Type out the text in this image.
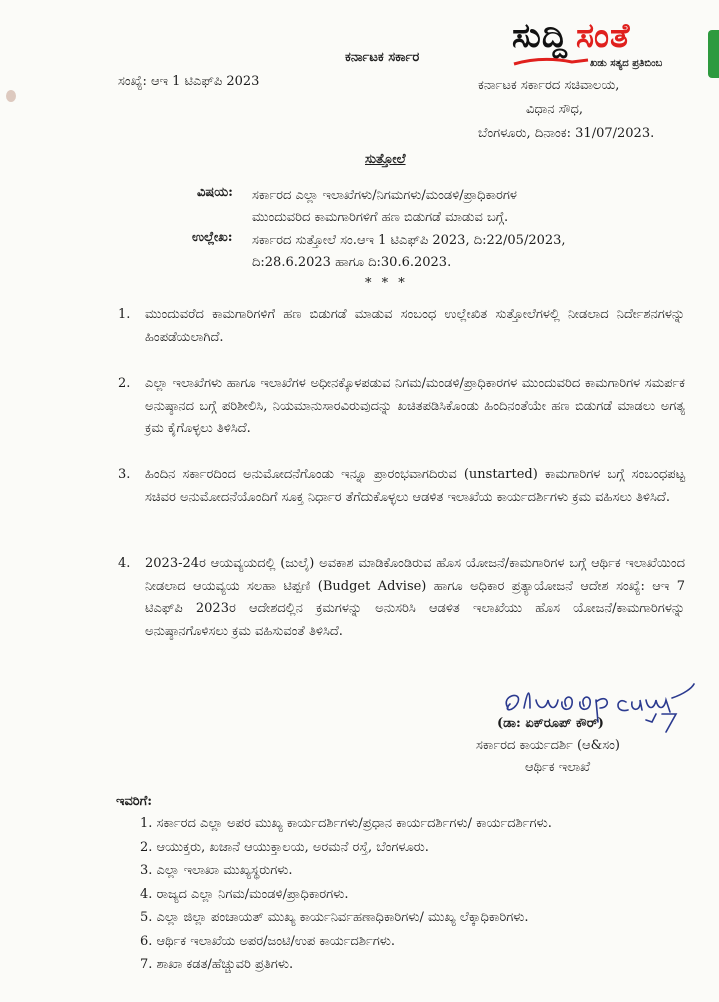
ಸುದ್ದಿ ಸಂತೆ
ಖಡು ಸತ್ಯದ ಪ್ರತಿಬಿಂಬ
ಕರ್ನಾಟಕ ಸರ್ಕಾರ
ಸಂಖ್ಯೆ: ಆಇ 1 ಟಿಎಫ್‌ಪಿ 2023	ಕರ್ನಾಟಕ ಸರ್ಕಾರದ ಸಚಿವಾಲಯ,
ವಿಧಾನ ಸೌಧ,
ಬೆಂಗಳೂರು, ದಿನಾಂಕ: 31/07/2023.
ಸುತ್ತೋಲೆ
ವಿಷಯ: ಸರ್ಕಾರದ ಎಲ್ಲಾ ಇಲಾಖೆಗಳು/ನಿಗಮಗಳು/ಮಂಡಳಿ/ಪ್ರಾಧಿಕಾರಗಳ
ಮುಂದುವರಿದ ಕಾಮಗಾರಿಗಳಿಗೆ ಹಣ ಬಿಡುಗಡೆ ಮಾಡುವ ಬಗ್ಗೆ.
ಉಲ್ಲೇಖ: ಸರ್ಕಾರದ ಸುತ್ತೋಲೆ ಸಂ.ಆಇ 1 ಟಿಎಫ್‌ಪಿ 2023, ದಿ:22/05/2023,
ದಿ:28.6.2023 ಹಾಗೂ ದಿ:30.6.2023.
* * *
1. ಮುಂದುವರೆದ ಕಾಮಗಾರಿಗಳಿಗೆ ಹಣ ಬಿಡುಗಡೆ ಮಾಡುವ ಸಂಬಂಧ ಉಲ್ಲೇಖಿತ ಸುತ್ತೋಲೆಗಳಲ್ಲಿ ನೀಡಲಾದ ನಿರ್ದೇಶನಗಳನ್ನು ಹಿಂಪಡೆಯಲಾಗಿದೆ.
2. ಎಲ್ಲಾ ಇಲಾಖೆಗಳು ಹಾಗೂ ಇಲಾಖೆಗಳ ಅಧೀನಕ್ಕೊಳಪಡುವ ನಿಗಮ/ಮಂಡಳಿ/ಪ್ರಾಧಿಕಾರಗಳ ಮುಂದುವರಿದ ಕಾಮಗಾರಿಗಳ ಸಮರ್ಪಕ ಅನುಷ್ಠಾನದ ಬಗ್ಗೆ ಪರಿಶೀಲಿಸಿ, ನಿಯಮಾನುಸಾರವಿರುವುದನ್ನು ಖಚಿತಪಡಿಸಿಕೊಂಡು ಹಿಂದಿನಂತೆಯೇ ಹಣ ಬಿಡುಗಡೆ ಮಾಡಲು ಅಗತ್ಯ ಕ್ರಮ ಕೈಗೊಳ್ಳಲು ತಿಳಿಸಿದೆ.
3. ಹಿಂದಿನ ಸರ್ಕಾರದಿಂದ ಅನುಮೋದನೆಗೊಂಡು ಇನ್ನೂ ಪ್ರಾರಂಭವಾಗದಿರುವ (unstarted) ಕಾಮಗಾರಿಗಳ ಬಗ್ಗೆ ಸಂಬಂಧಪಟ್ಟ ಸಚಿವರ ಅನುಮೋದನೆಯೊಂದಿಗೆ ಸೂಕ್ತ ನಿರ್ಧಾರ ತೆಗೆದುಕೊಳ್ಳಲು ಆಡಳಿತ ಇಲಾಖೆಯ ಕಾರ್ಯದರ್ಶಿಗಳು ಕ್ರಮ ವಹಿಸಲು ತಿಳಿಸಿದೆ.
4. 2023-24ರ ಆಯವ್ಯಯದಲ್ಲಿ (ಜುಲೈ) ಅವಕಾಶ ಮಾಡಿಕೊಂಡಿರುವ ಹೊಸ ಯೋಜನೆ/ಕಾಮಗಾರಿಗಳ ಬಗ್ಗೆ ಆರ್ಥಿಕ ಇಲಾಖೆಯಿಂದ ನೀಡಲಾದ ಆಯವ್ಯಯ ಸಲಹಾ ಟಿಪ್ಪಣಿ (Budget Advise) ಹಾಗೂ ಅಧಿಕಾರ ಪ್ರತ್ಯಾಯೋಜನೆ ಆದೇಶ ಸಂಖ್ಯೆ: ಆಇ 7 ಟಿಎಫ್‌ಪಿ 2023ರ ಆದೇಶದಲ್ಲಿನ ಕ್ರಮಗಳನ್ನು ಅನುಸರಿಸಿ ಆಡಳಿತ ಇಲಾಖೆಯು ಹೊಸ ಯೋಜನೆ/ಕಾಮಗಾರಿಗಳನ್ನು ಅನುಷ್ಠಾನಗೊಳಿಸಲು ಕ್ರಮ ವಹಿಸುವಂತೆ ತಿಳಿಸಿದೆ.
(ಡಾ: ಏಕ್‌ರೂಪ್ ಕೌರ್)
ಸರ್ಕಾರದ ಕಾರ್ಯದರ್ಶಿ (ಆ&ಸಂ)
ಆರ್ಥಿಕ ಇಲಾಖೆ
ಇವರಿಗೆ:
1. ಸರ್ಕಾರದ ಎಲ್ಲಾ ಅಪರ ಮುಖ್ಯ ಕಾರ್ಯದರ್ಶಿಗಳು/ಪ್ರಧಾನ ಕಾರ್ಯದರ್ಶಿಗಳು/ ಕಾರ್ಯದರ್ಶಿಗಳು.
2. ಆಯುಕ್ತರು, ಖಜಾನೆ ಆಯುಕ್ತಾಲಯ, ಅರಮನೆ ರಸ್ತೆ, ಬೆಂಗಳೂರು.
3. ಎಲ್ಲಾ ಇಲಾಖಾ ಮುಖ್ಯಸ್ಥರುಗಳು.
4. ರಾಜ್ಯದ ಎಲ್ಲಾ ನಿಗಮ/ಮಂಡಳಿ/ಪ್ರಾಧಿಕಾರಗಳು.
5. ಎಲ್ಲಾ ಜಿಲ್ಲಾ ಪಂಚಾಯತ್ ಮುಖ್ಯ ಕಾರ್ಯನಿರ್ವಹಣಾಧಿಕಾರಿಗಳು/ ಮುಖ್ಯ ಲೆಕ್ಕಾಧಿಕಾರಿಗಳು.
6. ಆರ್ಥಿಕ ಇಲಾಖೆಯ ಅಪರ/ಜಂಟಿ/ಉಪ ಕಾರ್ಯದರ್ಶಿಗಳು.
7. ಶಾಖಾ ಕಡತ/ಹೆಚ್ಚುವರಿ ಪ್ರತಿಗಳು.
